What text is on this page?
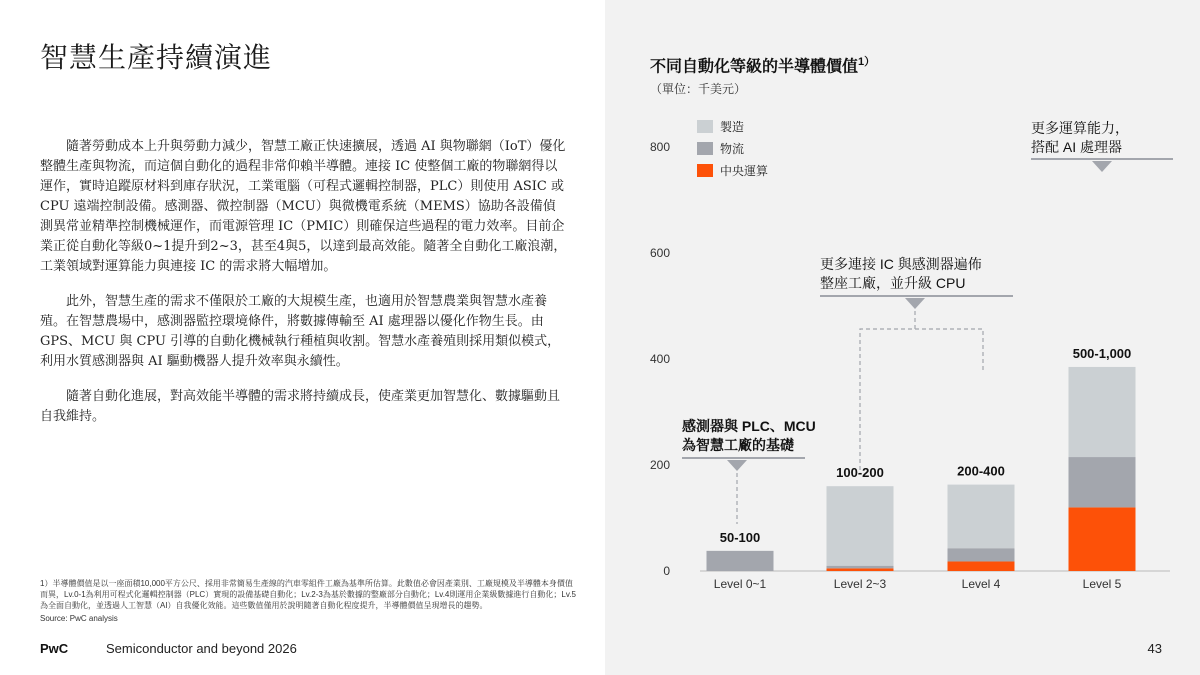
智慧生產持續演進

隨著勞動成本上升與勞動力減少，智慧工廠正快速擴展，透過 AI 與物聯網（IoT）優化整體生產與物流，而這個自動化的過程非常仰賴半導體。連接 IC 使整個工廠的物聯網得以運作，實時追蹤原材料到庫存狀況，工業電腦（可程式邏輯控制器，PLC）則使用 ASIC 或 CPU 遠端控制設備。感測器、微控制器（MCU）與微機電系統（MEMS）協助各設備偵測異常並精準控制機械運作，而電源管理 IC（PMIC）則確保這些過程的電力效率。目前企業正從自動化等級0~1提升到2~3，甚至4與5，以達到最高效能。隨著全自動化工廠浪潮，工業領域對運算能力與連接 IC 的需求將大幅增加。

此外，智慧生產的需求不僅限於工廠的大規模生產，也適用於智慧農業與智慧水產養殖。在智慧農場中，感測器監控環境條件，將數據傳輸至 AI 處理器以優化作物生長。由 GPS、MCU 與 CPU 引導的自動化機械執行種植與收割。智慧水產養殖則採用類似模式，利用水質感測器與 AI 驅動機器人提升效率與永續性。

隨著自動化進展，對高效能半導體的需求將持續成長，使產業更加智慧化、數據驅動且自我維持。

1）半導體價值是以一座面積10,000平方公尺、採用非常簡易生產線的汽車零組件工廠為基準所估算。此數值必會因產業別、工廠規模及半導體本身價值而異，Lv.0-1為利用可程式化邏輯控制器（PLC）實現的設備基礎自動化；Lv.2-3為基於數據的整廠部分自動化；Lv.4則運用企業級數據進行自動化；Lv.5為全面自動化，並透過人工智慧（AI）自我優化效能。這些數值僅用於說明隨著自動化程度提升，半導體價值呈現增長的趨勢。
Source: PwC analysis
PwC	Semiconductor and beyond 2026	43
不同自動化等級的半導體價值$^{1)}$
（單位：千美元）
0
200
400
600
800
Level 0~1
50-100
Level 2~3
100-200
Level 4
200-400
Level 5
500-1,000
製造
物流
中央運算
感測器與 PLC、MCU
為智慧工廠的基礎
更多連接 IC 與感測器遍佈
整座工廠，並升級 CPU
更多運算能力，
搭配 AI 處理器
